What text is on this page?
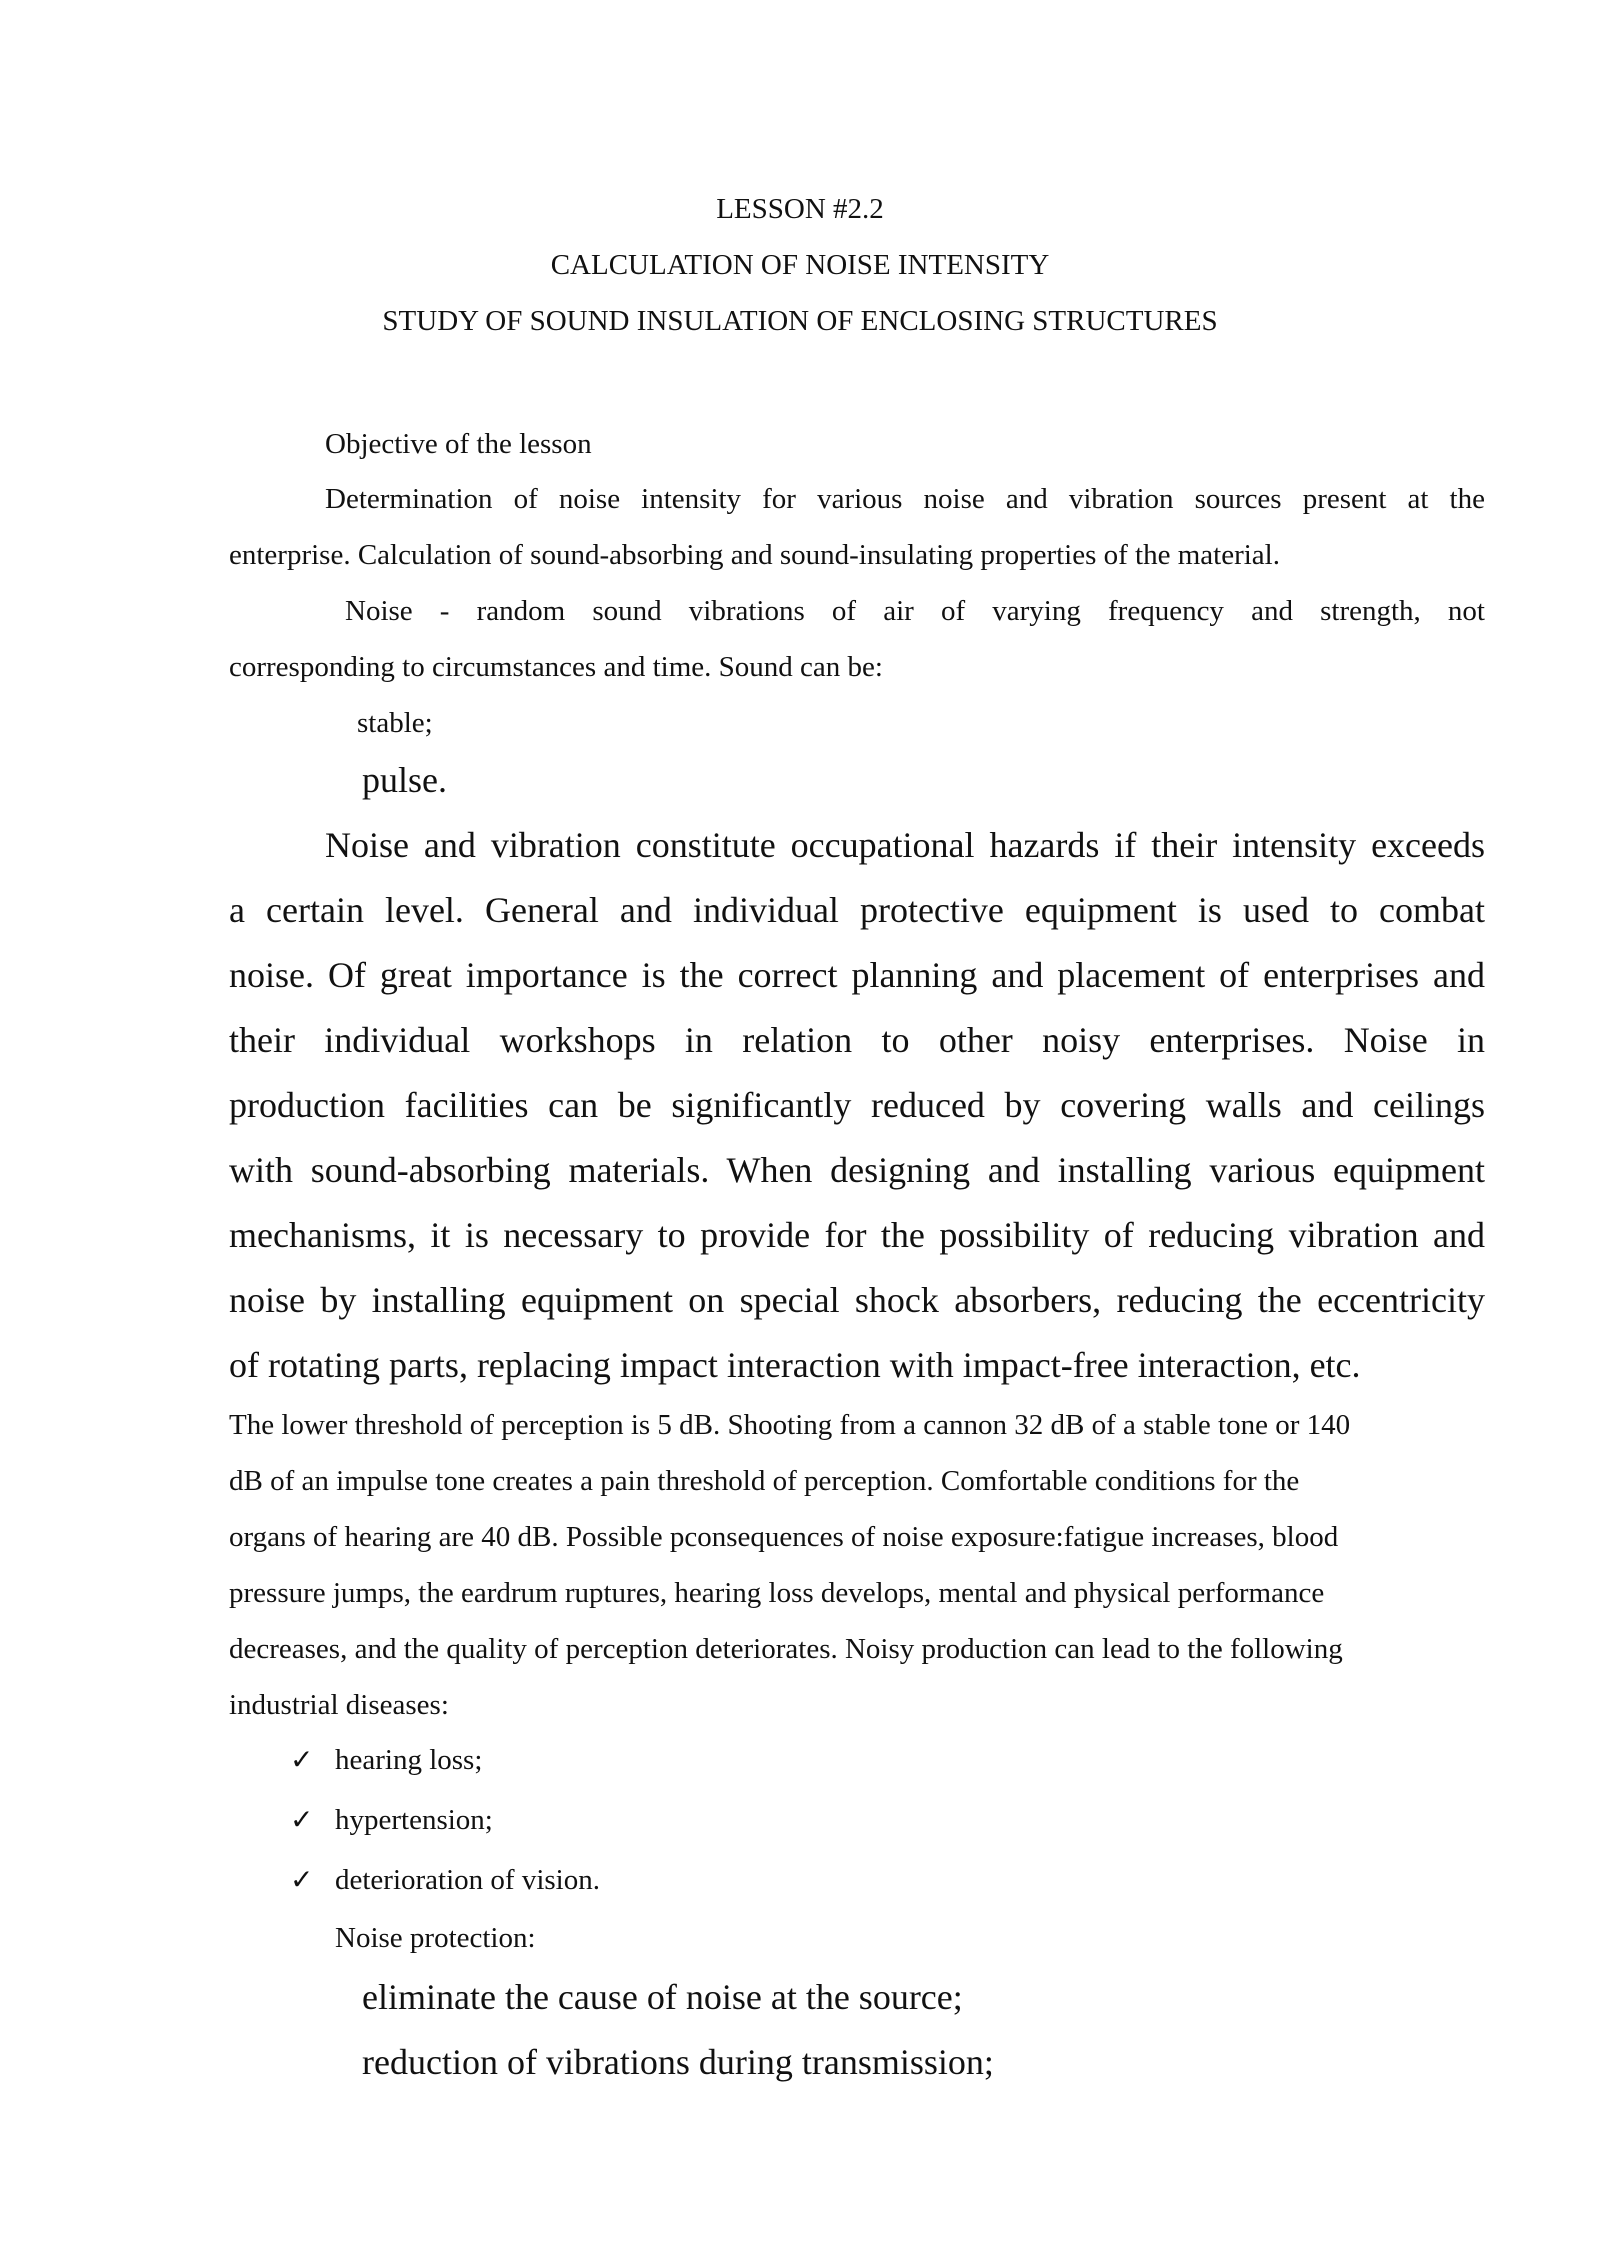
LESSON #2.2
CALCULATION OF NOISE INTENSITY
STUDY OF SOUND INSULATION OF ENCLOSING STRUCTURES
Objective of the lesson
Determination of noise intensity for various noise and vibration sources present at the
enterprise. Calculation of sound-absorbing and sound-insulating properties of the material.
Noise - random sound vibrations of air of varying frequency and strength, not
corresponding to circumstances and time. Sound can be:
stable;
pulse.
Noise and vibration constitute occupational hazards if their intensity exceeds
a certain level. General and individual protective equipment is used to combat
noise. Of great importance is the correct planning and placement of enterprises and
their individual workshops in relation to other noisy enterprises. Noise in
production facilities can be significantly reduced by covering walls and ceilings
with sound-absorbing materials. When designing and installing various equipment
mechanisms, it is necessary to provide for the possibility of reducing vibration and
noise by installing equipment on special shock absorbers, reducing the eccentricity
of rotating parts, replacing impact interaction with impact-free interaction, etc.
The lower threshold of perception is 5 dB. Shooting from a cannon 32 dB of a stable tone or 140
dB of an impulse tone creates a pain threshold of perception. Comfortable conditions for the
organs of hearing are 40 dB. Possible pconsequences of noise exposure:fatigue increases, blood
pressure jumps, the eardrum ruptures, hearing loss develops, mental and physical performance
decreases, and the quality of perception deteriorates. Noisy production can lead to the following
industrial diseases:
✓ hearing loss;
✓ hypertension;
✓ deterioration of vision.
Noise protection:
eliminate the cause of noise at the source;
reduction of vibrations during transmission;
